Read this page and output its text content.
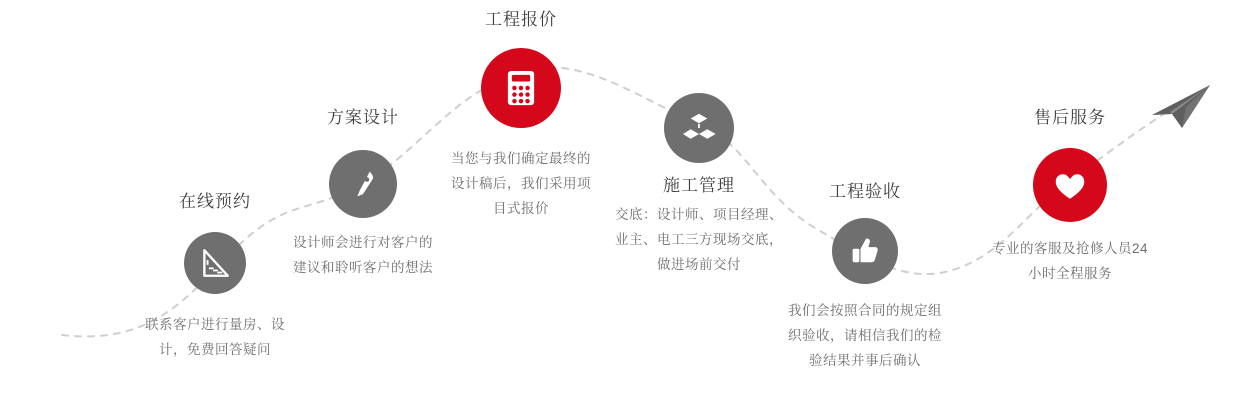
在线预约
联系客户进行量房、设计，免费回答疑问
方案设计
设计师会进行对客户的建议和聆听客户的想法
工程报价
当您与我们确定最终的设计稿后，我们采用项目式报价
施工管理
交底：设计师、项目经理、业主、电工三方现场交底，做进场前交付
工程验收
我们会按照合同的规定组织验收，请相信我们的检验结果并事后确认
售后服务
专业的客服及抢修人员24小时全程服务
